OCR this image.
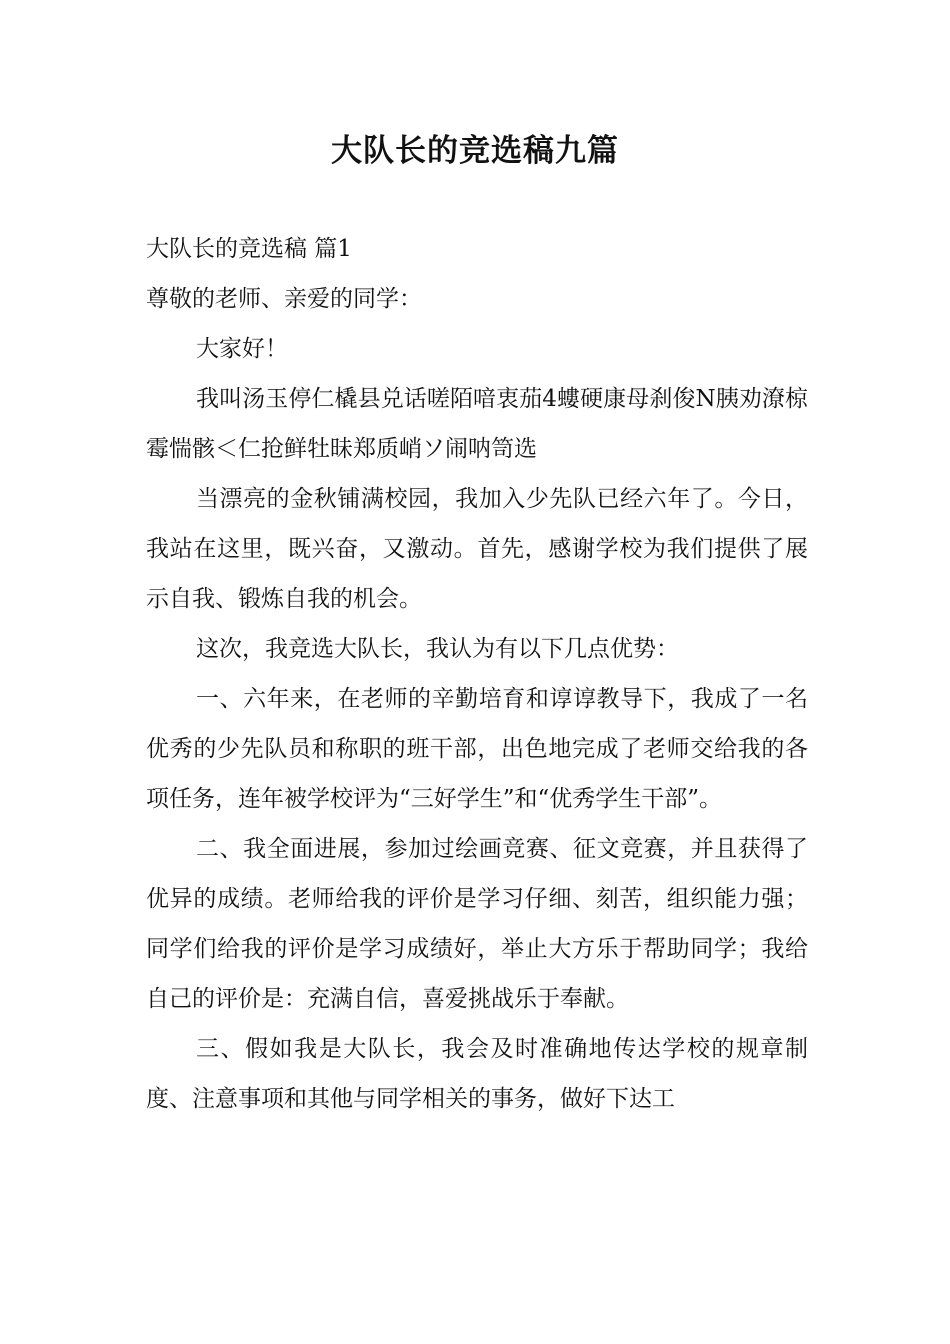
大队长的竞选稿九篇

大队长的竞选稿 篇1

尊敬的老师、亲爱的同学：

大家好！

我叫汤玉停仁橇县兑话嗟陌喑衷茄4螻硬康母刹俊N胰劝潦椋霉惴骸＜仁抢鲜牡昧郑质峭ソ闹呐笥选

当漂亮的金秋铺满校园，我加入少先队已经六年了。今日，我站在这里，既兴奋，又激动。首先，感谢学校为我们提供了展示自我、锻炼自我的机会。

这次，我竞选大队长，我认为有以下几点优势：

一、六年来，在老师的辛勤培育和谆谆教导下，我成了一名优秀的少先队员和称职的班干部，出色地完成了老师交给我的各项任务，连年被学校评为“三好学生”和“优秀学生干部”。

二、我全面进展，参加过绘画竞赛、征文竞赛，并且获得了优异的成绩。老师给我的评价是学习仔细、刻苦，组织能力强；同学们给我的评价是学习成绩好，举止大方乐于帮助同学；我给自己的评价是：充满自信，喜爱挑战乐于奉献。

三、假如我是大队长，我会及时准确地传达学校的规章制度、注意事项和其他与同学相关的事务，做好下达工
